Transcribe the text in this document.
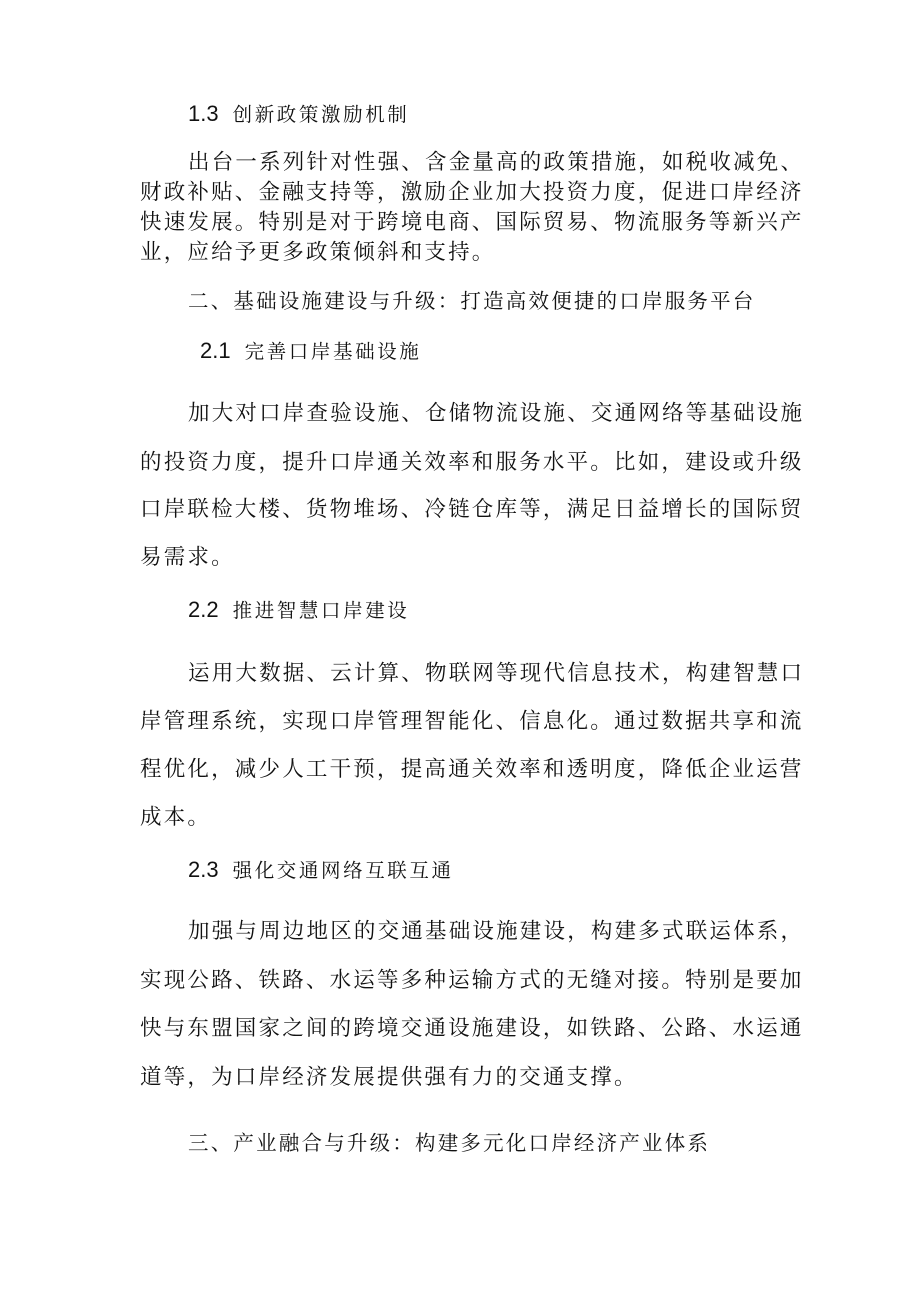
1.3 创新政策激励机制
出台一系列针对性强、含金量高的政策措施，如税收减免、
财政补贴、金融支持等，激励企业加大投资力度，促进口岸经济
快速发展。特别是对于跨境电商、国际贸易、物流服务等新兴产
业，应给予更多政策倾斜和支持。
二、基础设施建设与升级：打造高效便捷的口岸服务平台
2.1 完善口岸基础设施
加大对口岸查验设施、仓储物流设施、交通网络等基础设施
的投资力度，提升口岸通关效率和服务水平。比如，建设或升级
口岸联检大楼、货物堆场、冷链仓库等，满足日益增长的国际贸
易需求。
2.2 推进智慧口岸建设
运用大数据、云计算、物联网等现代信息技术，构建智慧口
岸管理系统，实现口岸管理智能化、信息化。通过数据共享和流
程优化，减少人工干预，提高通关效率和透明度，降低企业运营
成本。
2.3 强化交通网络互联互通
加强与周边地区的交通基础设施建设，构建多式联运体系，
实现公路、铁路、水运等多种运输方式的无缝对接。特别是要加
快与东盟国家之间的跨境交通设施建设，如铁路、公路、水运通
道等，为口岸经济发展提供强有力的交通支撑。
三、产业融合与升级：构建多元化口岸经济产业体系
